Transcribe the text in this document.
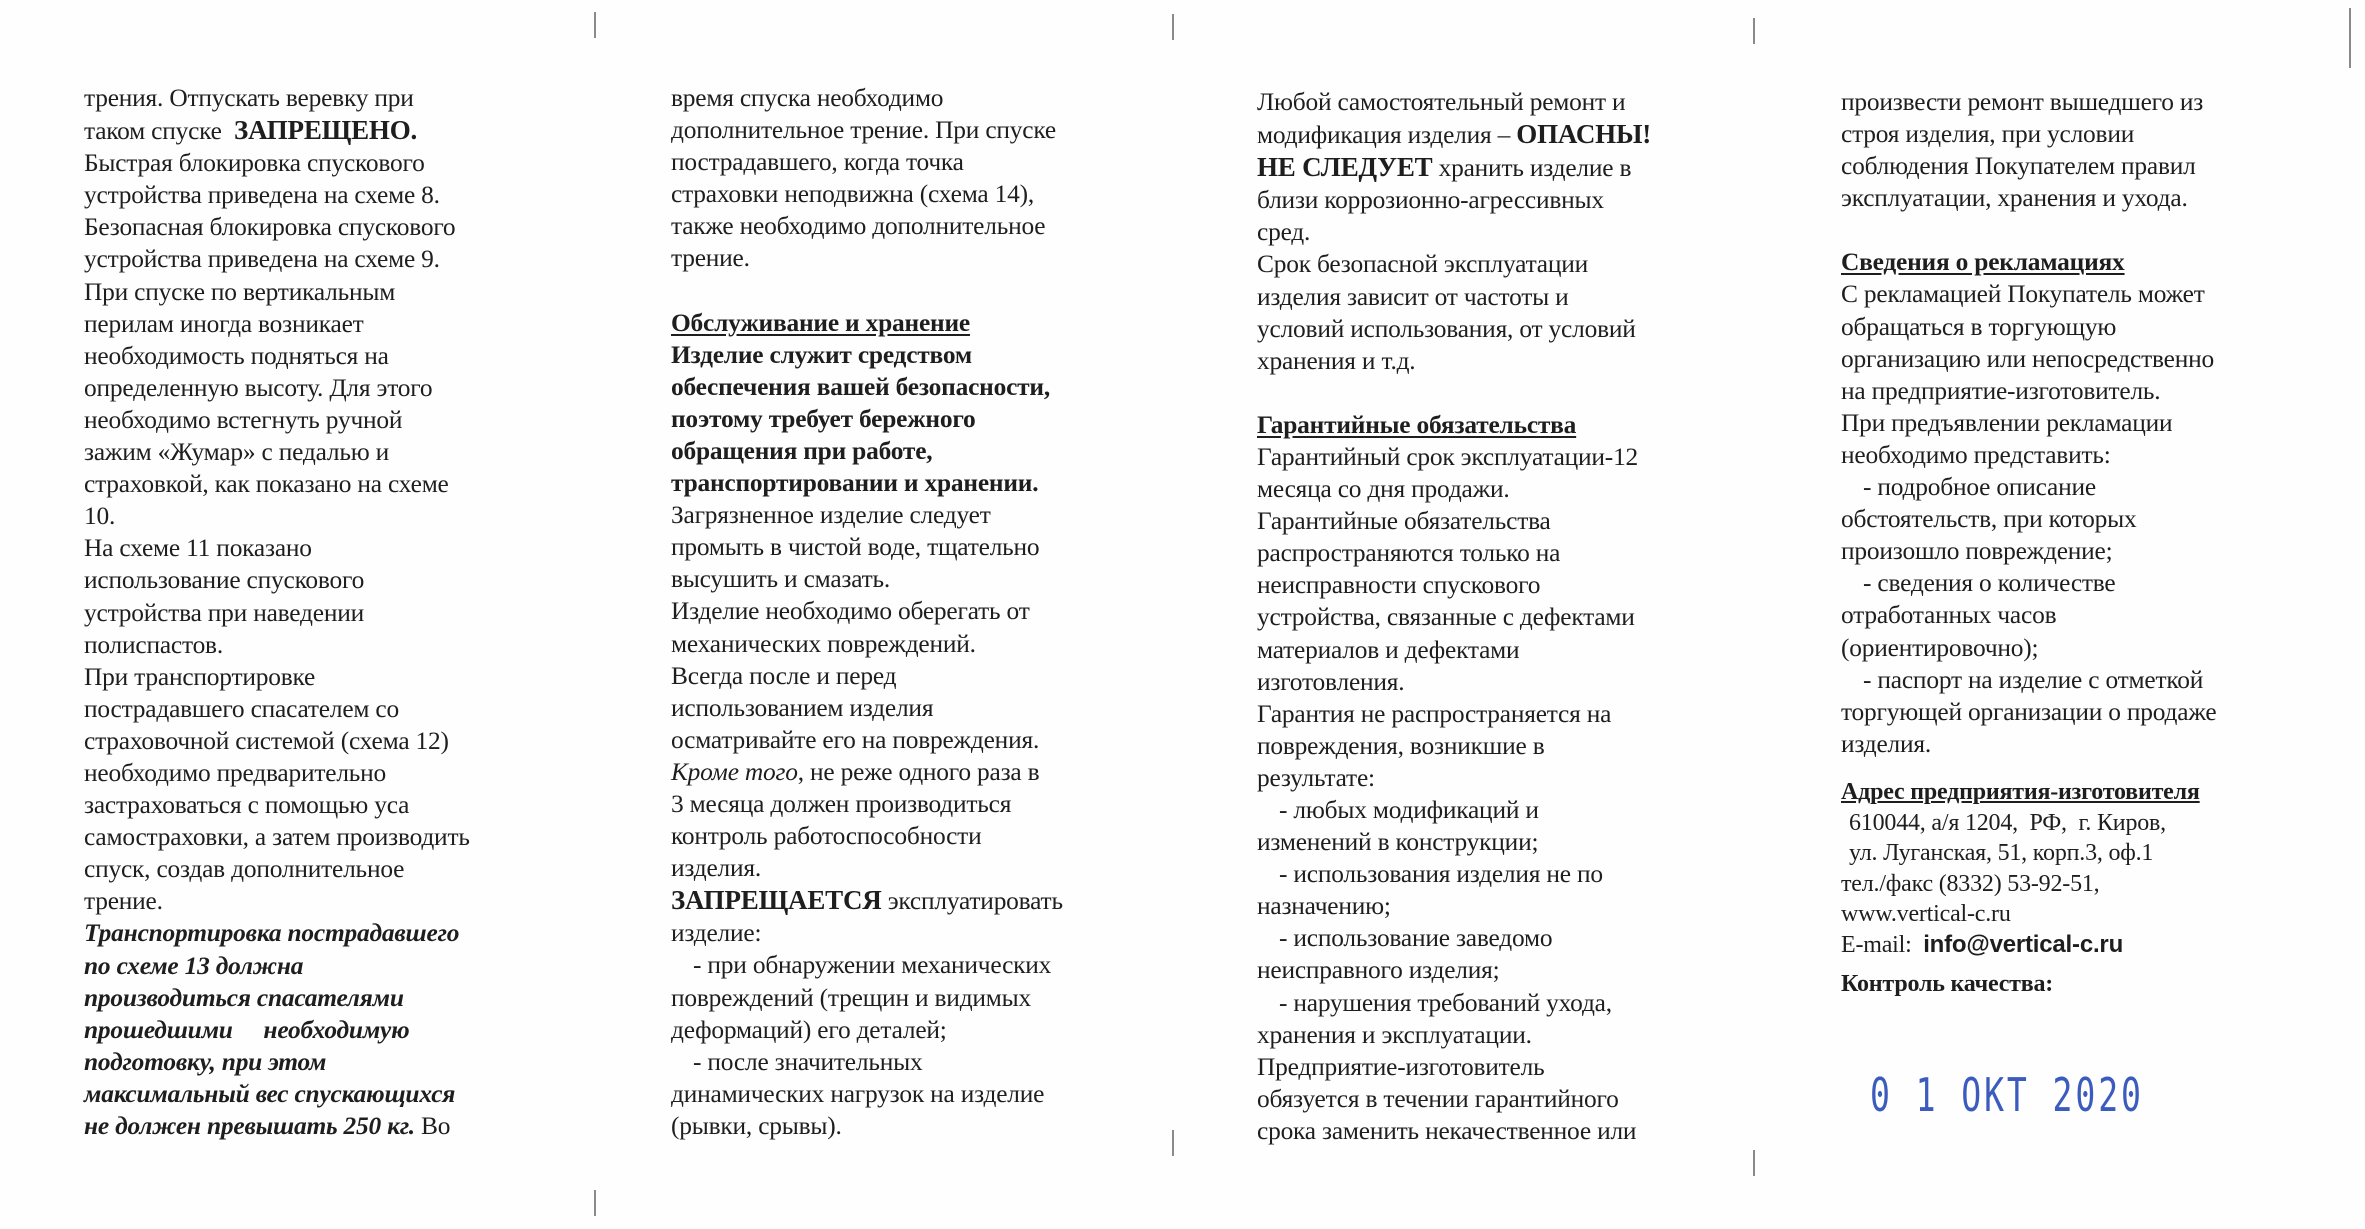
трения. Отпускать веревку при

таком спуске ЗАПРЕЩЕНО.

Быстрая блокировка спускового

устройства приведена на схеме 8.

Безопасная блокировка спускового

устройства приведена на схеме 9.

При спуске по вертикальным

перилам иногда возникает

необходимость подняться на

определенную высоту. Для этого

необходимо встегнуть ручной

зажим «Жумар» с педалью и

страховкой, как показано на схеме

10.

На схеме 11 показано

использование спускового

устройства при наведении

полиспастов.

При транспортировке

пострадавшего спасателем со

страховочной системой (схема 12)

необходимо предварительно

застраховаться с помощью уса

самостраховки, а затем производить

спуск, создав дополнительное

трение.

Транспортировка пострадавшего

по схеме 13 должна

производиться спасателями

прошедшими     необходимую

подготовку, при этом

максимальный вес спускающихся

не должен превышать 250 кг. Во

время спуска необходимо

дополнительное трение. При спуске

пострадавшего, когда точка

страховки неподвижна (схема 14),

также необходимо дополнительное

трение.

Обслуживание и хранение

Изделие служит средством

обеспечения вашей безопасности,

поэтому требует бережного

обращения при работе,

транспортировании и хранении.

Загрязненное изделие следует

промыть в чистой воде, тщательно

высушить и смазать.

Изделие необходимо оберегать от

механических повреждений.

Всегда после и перед

использованием изделия

осматривайте его на повреждения.

Кроме того, не реже одного раза в

3 месяца должен производиться

контроль работоспособности

изделия.

ЗАПРЕЩАЕТСЯ эксплуатировать

изделие:

- при обнаружении механических

повреждений (трещин и видимых

деформаций) его деталей;

- после значительных

динамических нагрузок на изделие

(рывки, срывы).

Любой самостоятельный ремонт и

модификация изделия – ОПАСНЫ!

НЕ СЛЕДУЕТ хранить изделие в

близи коррозионно-агрессивных

сред.

Срок безопасной эксплуатации

изделия зависит от частоты и

условий использования, от условий

хранения и т.д.

Гарантийные обязательства

Гарантийный срок эксплуатации-12

месяца со дня продажи.

Гарантийные обязательства

распространяются только на

неисправности спускового

устройства, связанные с дефектами

материалов и дефектами

изготовления.

Гарантия не распространяется на

повреждения, возникшие в

результате:

- любых модификаций и

изменений в конструкции;

- использования изделия не по

назначению;

- использование заведомо

неисправного изделия;

- нарушения требований ухода,

хранения и эксплуатации.

Предприятие-изготовитель

обязуется в течении гарантийного

срока заменить некачественное или

произвести ремонт вышедшего из

строя изделия, при условии

соблюдения Покупателем правил

эксплуатации, хранения и ухода.

Сведения о рекламациях

С рекламацией Покупатель может

обращаться в торгующую

организацию или непосредственно

на предприятие-изготовитель.

При предъявлении рекламации

необходимо представить:

- подробное описание

обстоятельств, при которых

произошло повреждение;

- сведения о количестве

отработанных часов

(ориентировочно);

- паспорт на изделие с отметкой

торгующей организации о продаже

изделия.

Адрес предприятия-изготовителя

610044, а/я 1204,  РФ,  г. Киров,

ул. Луганская, 51, корп.3, оф.1

тел./факс (8332) 53-92-51,

www.vertical-c.ru

E-mail: info@vertical-c.ru

Контроль качества:

0 1 ОКТ 2020
